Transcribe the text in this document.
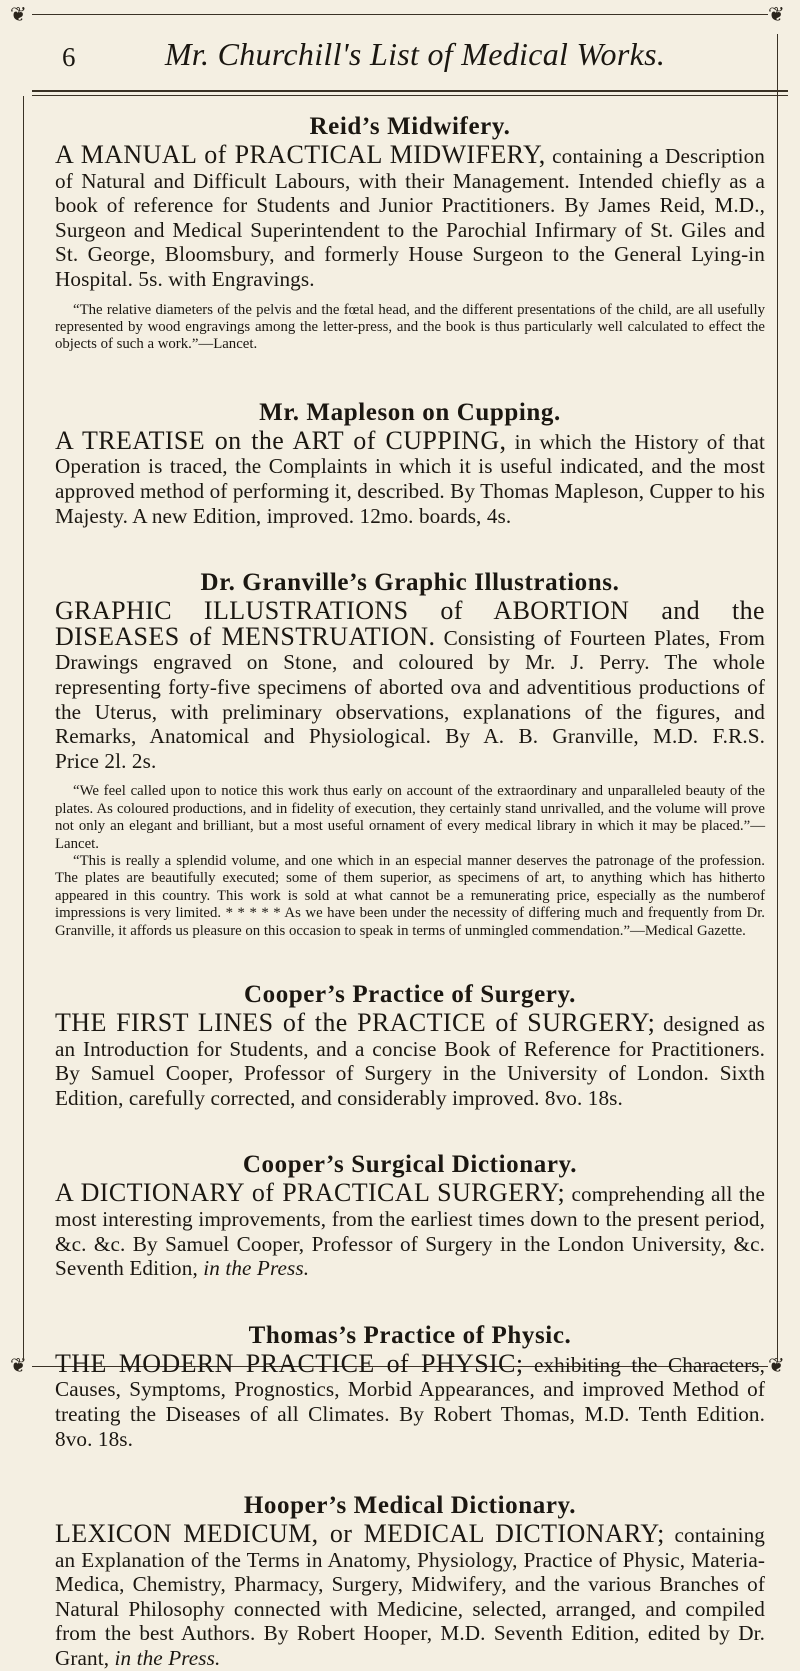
❦	❦
❦	❦
6	Mr. Churchill's List of Medical Works.
Reid’s Midwifery.

A MANUAL of PRACTICAL MIDWIFERY, containing a Description of Natural and Difficult Labours, with their Management. Intended chiefly as a book of reference for Students and Junior Practitioners. By James Reid, M.D., Surgeon and Medical Superintendent to the Parochial Infirmary of St. Giles and St. George, Bloomsbury, and formerly House Surgeon to the General Lying-in Hospital. 5s. with Engravings.

“The relative diameters of the pelvis and the fœtal head, and the different presentations of the child, are all usefully represented by wood engravings among the letter-press, and the book is thus particularly well calculated to effect the objects of such a work.”—Lancet.

Mr. Mapleson on Cupping.

A TREATISE on the ART of CUPPING, in which the History of that Operation is traced, the Complaints in which it is useful indicated, and the most approved method of performing it, described. By Thomas Mapleson, Cupper to his Majesty. A new Edition, improved. 12mo. boards, 4s.

Dr. Granville’s Graphic Illustrations.

GRAPHIC ILLUSTRATIONS of ABORTION and the DISEASES of MENSTRUATION. Consisting of Fourteen Plates, From Drawings engraved on Stone, and coloured by Mr. J. Perry. The whole representing forty-five specimens of aborted ova and adventitious productions of the Uterus, with preliminary observations, explanations of the figures, and Remarks, Anatomical and Physiological. By A. B. Granville, M.D. F.R.S. Price 2l. 2s.

“We feel called upon to notice this work thus early on account of the extraordinary and unparalleled beauty of the plates. As coloured productions, and in fidelity of execution, they certainly stand unrivalled, and the volume will prove not only an elegant and brilliant, but a most useful ornament of every medical library in which it may be placed.”—Lancet.

“This is really a splendid volume, and one which in an especial manner deserves the patronage of the profession. The plates are beautifully executed; some of them superior, as specimens of art, to anything which has hitherto appeared in this country. This work is sold at what cannot be a remunerating price, especially as the numberof impressions is very limited. * * * * * As we have been under the necessity of differing much and frequently from Dr. Granville, it affords us pleasure on this occasion to speak in terms of unmingled commendation.”—Medical Gazette.

Cooper’s Practice of Surgery.

THE FIRST LINES of the PRACTICE of SURGERY; designed as an Introduction for Students, and a concise Book of Reference for Practitioners. By Samuel Cooper, Professor of Surgery in the University of London. Sixth Edition, carefully corrected, and considerably improved. 8vo. 18s.

Cooper’s Surgical Dictionary.

A DICTIONARY of PRACTICAL SURGERY; comprehending all the most interesting improvements, from the earliest times down to the present period, &c. &c. By Samuel Cooper, Professor of Surgery in the London University, &c. Seventh Edition, in the Press.

Thomas’s Practice of Physic.

THE MODERN PRACTICE of PHYSIC; exhibiting the Characters, Causes, Symptoms, Prognostics, Morbid Appearances, and improved Method of treating the Diseases of all Climates. By Robert Thomas, M.D. Tenth Edition. 8vo. 18s.

Hooper’s Medical Dictionary.

LEXICON MEDICUM, or MEDICAL DICTIONARY; containing an Explanation of the Terms in Anatomy, Physiology, Practice of Physic, Materia-Medica, Chemistry, Pharmacy, Surgery, Midwifery, and the various Branches of Natural Philosophy connected with Medicine, selected, arranged, and compiled from the best Authors. By Robert Hooper, M.D. Seventh Edition, edited by Dr. Grant, in the Press.
